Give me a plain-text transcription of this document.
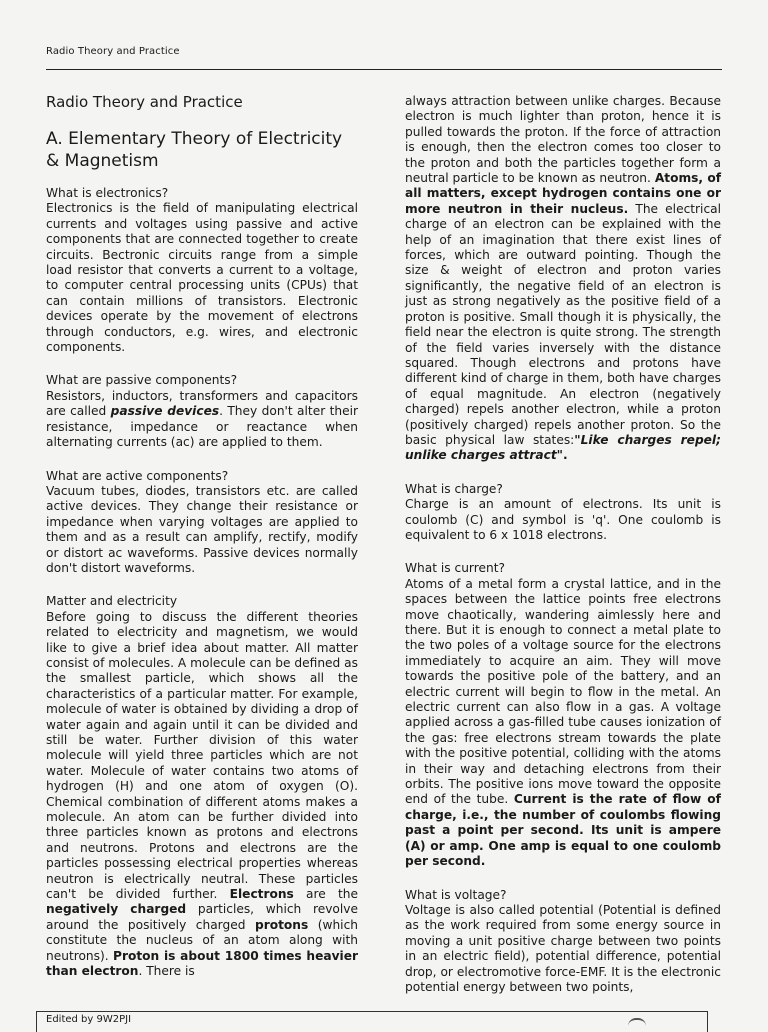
Radio Theory and Practice
Radio Theory and Practice
A. Elementary Theory of Electricity & Magnetism

What is electronics?

Electronics is the field of manipulating electrical currents and voltages using passive and active components that are connected together to create circuits. Bectronic circuits range from a simple load resistor that converts a current to a voltage, to computer central processing units (CPUs) that can contain millions of transistors. Electronic devices operate by the movement of electrons through conductors, e.g. wires, and electronic components.

What are passive components?

Resistors, inductors, transformers and capacitors are called passive devices. They don't alter their resistance, impedance or reactance when alternating currents (ac) are applied to them.

What are active components?

Vacuum tubes, diodes, transistors etc. are called active devices. They change their resistance or impedance when varying voltages are applied to them and as a result can amplify, rectify, modify or distort ac waveforms. Passive devices normally don't distort waveforms.

Matter and electricity

Before going to discuss the different theories related to electricity and magnetism, we would like to give a brief idea about matter. All matter consist of molecules. A molecule can be defined as the smallest particle, which shows all the characteristics of a particular matter. For example, molecule of water is obtained by dividing a drop of water again and again until it can be divided and still be water. Further division of this water molecule will yield three particles which are not water. Molecule of water contains two atoms of hydrogen (H) and one atom of oxygen (O). Chemical combination of different atoms makes a molecule. An atom can be further divided into three particles known as protons and electrons and neutrons. Protons and electrons are the particles possessing electrical properties whereas neutron is electrically neutral. These particles can't be divided further. Electrons are the negatively charged particles, which revolve around the positively charged protons (which constitute the nucleus of an atom along with neutrons). Proton is about 1800 times heavier than electron. There is

always attraction between unlike charges. Because electron is much lighter than proton, hence it is pulled towards the proton. If the force of attraction is enough, then the electron comes too closer to the proton and both the particles together form a neutral particle to be known as neutron. Atoms, of all matters, except hydrogen contains one or more neutron in their nucleus. The electrical charge of an electron can be explained with the help of an imagination that there exist lines of forces, which are outward pointing. Though the size & weight of electron and proton varies significantly, the negative field of an electron is just as strong negatively as the positive field of a proton is positive. Small though it is physically, the field near the electron is quite strong. The strength of the field varies inversely with the distance squared. Though electrons and protons have different kind of charge in them, both have charges of equal magnitude. An electron (negatively charged) repels another electron, while a proton (positively charged) repels another proton. So the basic physical law states:"Like charges repel; unlike charges attract".

What is charge?

Charge is an amount of electrons. Its unit is coulomb (C) and symbol is 'q'. One coulomb is equivalent to 6 x 1018 electrons.

What is current?

Atoms of a metal form a crystal lattice, and in the spaces between the lattice points free electrons move chaotically, wandering aimlessly here and there. But it is enough to connect a metal plate to the two poles of a voltage source for the electrons immediately to acquire an aim. They will move towards the positive pole of the battery, and an electric current will begin to flow in the metal. An electric current can also flow in a gas. A voltage applied across a gas-filled tube causes ionization of the gas: free electrons stream towards the plate with the positive potential, colliding with the atoms in their way and detaching electrons from their orbits. The positive ions move toward the opposite end of the tube. Current is the rate of flow of charge, i.e., the number of coulombs flowing past a point per second. Its unit is ampere (A) or amp. One amp is equal to one coulomb per second.

What is voltage?

Voltage is also called potential (Potential is defined as the work required from some energy source in moving a unit positive charge between two points in an electric field), potential difference, potential drop, or electromotive force-EMF. It is the electronic potential energy between two points,

Edited by 9W2PJI
